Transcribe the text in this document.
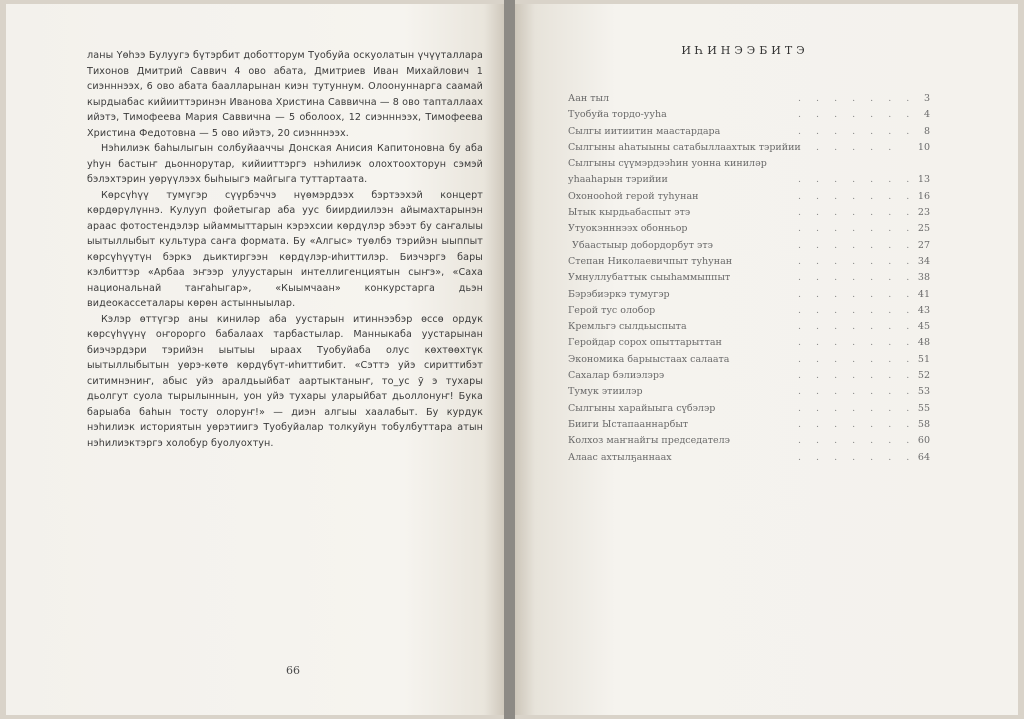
ланы Үөһээ Булуугэ бүтэрбит доботторум Туобуйа оскуолатын үчүүталлара Тихонов Дмитрий Саввич 4 ово абата, Дмитриев Иван Михайлович 1 сиэнннээх, 6 ово абата баалларынан киэн тутуннум. Олоонуннарга саамай кырдыабас кийииттэринэн Иванова Христина Саввична — 8 ово тапталлаах ийэтэ, Тимофеева Мария Саввична — 5 оболоох, 12 сиэнннээх, Тимофеева Христина Федотовна — 5 ово ийэтэ, 20 сиэнннээх.

Нэһилиэк баһылыгын солбуйааччы Донская Анисия Капитоновна бу аба уһун бастыҥ дьоннорутар, кийииттэргэ нэһилиэк олохтоохторун сэмэй бэлэхтэрин уөрүүлээх быһыыгэ майгыга туттартаата.

Көрсүһүү тумүгэр сүүрбэччэ нүөмэрдээх бэртээхэй концерт көрдөрүлүннэ. Кулууп фойетыгар аба уус биирдиилээн айымахтарынэн араас фотостендэлэр ыйаммыттарын кэрэхсии көрдүлэр эбээт бу саҥалыы ыытыллыбыт культура саҥа формата. Бу «Алгыс» туөлбэ тэрийэн ыыппыт көрсүһүүтүн бэркэ дьиктиргээн көрдүлэр-иһиттилэр. Биэчэргэ бары кэлбиттэр «Арбаа эҥээр улуустарын интеллигенциятын сыҥэ», «Саха национальнай таҥаһыгар», «Кыымчаан» конкурстарга дьэн видеокассеталары көрөн астынныылар.

Кэлэр өттүгэр аны киниләр аба уустарын итиннээбэр өссө ордук көрсүһүүнү оҥорорго бабалаах тарбастылар. Манныкаба уустарынан биэчэрдэри тэрийэн ыытыы ыраах Туобуйаба олус көхтөөхтүк ыытыллыбытын уөрэ-көтө көрдүбүт-иһиттибит. «Сэттэ уйэ сириттибэт ситимнэниҥ, абыс уйэ аралдьыйбат аартыктаныҥ, то_ус ӯ э тухары дьолгут суола тырылыннын, уон уйэ тухары уларыйбат дьоллонуҥ! Бука барыаба баһын тосту олоруҥ!» — диэн алгыы хаалабыт. Бу курдук нэһилиэк историятын уөрэтиигэ Туобуйалар толкуйун тобулбуттара атын нэһилиэктэргэ холобур буолуохтун.

66
ИҺИНЭЭБИТЭ
Аан тыл	. . . . . . . 3
Туобуйа тордо-ууһа	. . . . . . . 4
Сылгы иитиитин маастардара	. . . . . . . 8
Сылгыны аһатыыны сатабыллаахтык тэрийии
. . . . . . 10
Сылгыны сүүмэрдээһин уонна киниләр
уһааһарын тэрийии	. . . . . . . 13
Охонооһой герой туһунан	. . . . . . . 16
Ытык кырдьабаспыт этэ	. . . . . . . 23
Утуокэнннээх обонньор	. . . . . . . 25
Убаастыыр добордорбут этэ	. . . . . . . 27
Степан Николаевичпыт туһунан	. . . . . . . 34
Умнуллубаттык сыыһаммыппыт	. . . . . . . 38
Бэрэбиэркэ тумугэр	. . . . . . . 41
Герой тус олобор	. . . . . . . 43
Кремльгэ сылдьыспыта	. . . . . . . 45
Геройдар сорох опыттарыттан	. . . . . . . 48
Экономика барыыстаах салаата	. . . . . . . 51
Сахалар бэлиэлэрэ	. . . . . . . 52
Тумук этиилэр	. . . . . . . 53
Сылгыны харайыыга сүбэлэр	. . . . . . . 55
Бииги Ыстапааннарбыт	. . . . . . . 58
Колхоз маҥнайгы председателэ	. . . . . . . 60
Алаас ахтылҕаннаах	. . . . . . . 64
